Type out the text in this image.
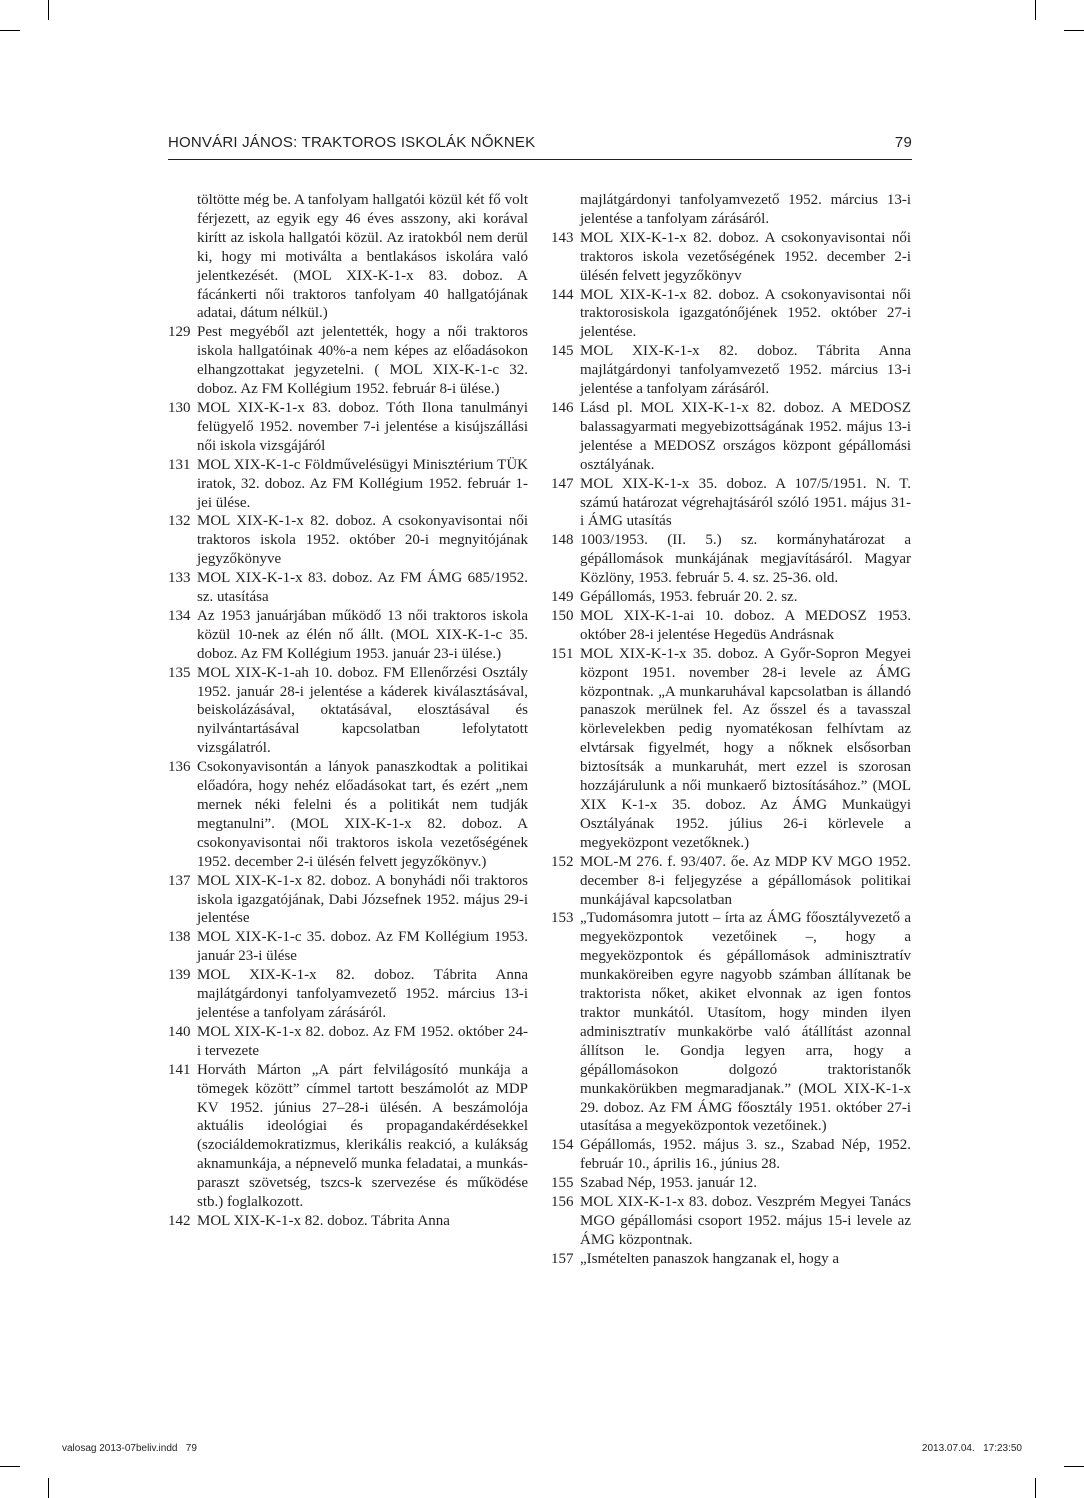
HONVÁRI JÁNOS: TRAKTOROS ISKOLÁK NŐKNEK	79

töltötte még be. A tanfolyam hallgatói közül két fő volt férjezett, az egyik egy 46 éves asszony, aki korával kirítt az iskola hallgatói közül. Az iratokból nem derül ki, hogy mi motiválta a bentlakásos iskolára való jelentkezését. (MOL XIX-K-1-x 83. doboz. A fácánkerti női traktoros tanfolyam 40 hallgatójának adatai, dátum nélkül.)

129 Pest megyéből azt jelentették, hogy a női traktoros iskola hallgatóinak 40%-a nem képes az előadásokon elhangzottakat jegyzetelni. ( MOL XIX-K-1-c 32. doboz. Az FM Kollégium 1952. február 8-i ülése.)

130 MOL XIX-K-1-x 83. doboz. Tóth Ilona tanulmányi felügyelő 1952. november 7-i jelentése a kisújszállási női iskola vizsgájáról

131 MOL XIX-K-1-c Földművelésügyi Minisztérium TÜK iratok, 32. doboz. Az FM Kollégium 1952. február 1-jei ülése.

132 MOL XIX-K-1-x 82. doboz. A csokonyavisontai női traktoros iskola 1952. október 20-i megnyitójának jegyzőkönyve

133 MOL XIX-K-1-x 83. doboz. Az FM ÁMG 685/1952. sz. utasítása

134 Az 1953 januárjában működő 13 női traktoros iskola közül 10-nek az élén nő állt. (MOL XIX-K-1-c 35. doboz. Az FM Kollégium 1953. január 23-i ülése.)

135 MOL XIX-K-1-ah 10. doboz. FM Ellenőrzési Osztály 1952. január 28-i jelentése a káderek kiválasztásával, beiskolázásával, oktatásával, elosztásával és nyilvántartásával kapcsolatban lefolytatott vizsgálatról.

136 Csokonyavisontán a lányok panaszkodtak a politikai előadóra, hogy nehéz előadásokat tart, és ezért „nem mernek néki felelni és a politikát nem tudják megtanulni”. (MOL XIX-K-1-x 82. doboz. A csokonyavisontai női traktoros iskola vezetőségének 1952. december 2-i ülésén felvett jegyzőkönyv.)

137 MOL XIX-K-1-x 82. doboz. A bonyhádi női traktoros iskola igazgatójának, Dabi Józsefnek 1952. május 29-i jelentése

138 MOL XIX-K-1-c 35. doboz. Az FM Kollégium 1953. január 23-i ülése

139 MOL XIX-K-1-x 82. doboz. Tábrita Anna majlátgárdonyi tanfolyamvezető 1952. március 13-i jelentése a tanfolyam zárásáról.

140 MOL XIX-K-1-x 82. doboz. Az FM 1952. október 24-i tervezete

141 Horváth Márton „A párt felvilágosító munkája a tömegek között” címmel tartott beszámolót az MDP KV 1952. június 27–28-i ülésén. A beszámolója aktuális ideológiai és propagandakérdésekkel (szociáldemokratizmus, klerikális reakció, a kulákság aknamunkája, a népnevelő munka feladatai, a munkás-paraszt szövetség, tszcs-k szervezése és működése stb.) foglalkozott.

142 MOL XIX-K-1-x 82. doboz. Tábrita Anna

majlátgárdonyi tanfolyamvezető 1952. március 13-i jelentése a tanfolyam zárásáról.

143 MOL XIX-K-1-x 82. doboz. A csokonyavisontai női traktoros iskola vezetőségének 1952. december 2-i ülésén felvett jegyzőkönyv

144 MOL XIX-K-1-x 82. doboz. A csokonyavisontai női traktorosiskola igazgatónőjének 1952. október 27-i jelentése.

145 MOL XIX-K-1-x 82. doboz. Tábrita Anna majlátgárdonyi tanfolyamvezető 1952. március 13-i jelentése a tanfolyam zárásáról.

146 Lásd pl. MOL XIX-K-1-x 82. doboz. A MEDOSZ balassagyarmati megyebizottságának 1952. május 13-i jelentése a MEDOSZ országos központ gépállomási osztályának.

147 MOL XIX-K-1-x 35. doboz. A 107/5/1951. N. T. számú határozat végrehajtásáról szóló 1951. május 31-i ÁMG utasítás

148 1003/1953. (II. 5.) sz. kormányhatározat a gépállomások munkájának megjavításáról. Magyar Közlöny, 1953. február 5. 4. sz. 25-36. old.

149 Gépállomás, 1953. február 20. 2. sz.

150 MOL XIX-K-1-ai 10. doboz. A MEDOSZ 1953. október 28-i jelentése Hegedüs Andrásnak

151 MOL XIX-K-1-x 35. doboz. A Győr-Sopron Megyei központ 1951. november 28-i levele az ÁMG központnak. „A munkaruhával kapcsolatban is állandó panaszok merülnek fel. Az ősszel és a tavasszal körlevelekben pedig nyomatékosan felhívtam az elvtársak figyelmét, hogy a nőknek elsősorban biztosítsák a munkaruhát, mert ezzel is szorosan hozzájárulunk a női munkaerő biztosításához.” (MOL XIX K-1-x 35. doboz. Az ÁMG Munkaügyi Osztályának 1952. július 26-i körlevele a megyeközpont vezetőknek.)

152 MOL-M 276. f. 93/407. őe. Az MDP KV MGO 1952. december 8-i feljegyzése a gépállomások politikai munkájával kapcsolatban

153 „Tudomásomra jutott – írta az ÁMG főosztályvezető a megyeközpontok vezetőinek –, hogy a megyeközpontok és gépállomások adminisztratív munkaköreiben egyre nagyobb számban állítanak be traktorista nőket, akiket elvonnak az igen fontos traktor munkától. Utasítom, hogy minden ilyen adminisztratív munkakörbe való átállítást azonnal állítson le. Gondja legyen arra, hogy a gépállomásokon dolgozó traktoristanők munkakörükben megmaradjanak.” (MOL XIX-K-1-x 29. doboz. Az FM ÁMG főosztály 1951. október 27-i utasítása a megyeközpontok vezetőinek.)

154 Gépállomás, 1952. május 3. sz., Szabad Nép, 1952. február 10., április 16., június 28.

155 Szabad Nép, 1953. január 12.

156 MOL XIX-K-1-x 83. doboz. Veszprém Megyei Tanács MGO gépállomási csoport 1952. május 15-i levele az ÁMG központnak.

157 „Ismételten panaszok hangzanak el, hogy a

valosag 2013-07beliv.indd   79	2013.07.04.   17:23:50
